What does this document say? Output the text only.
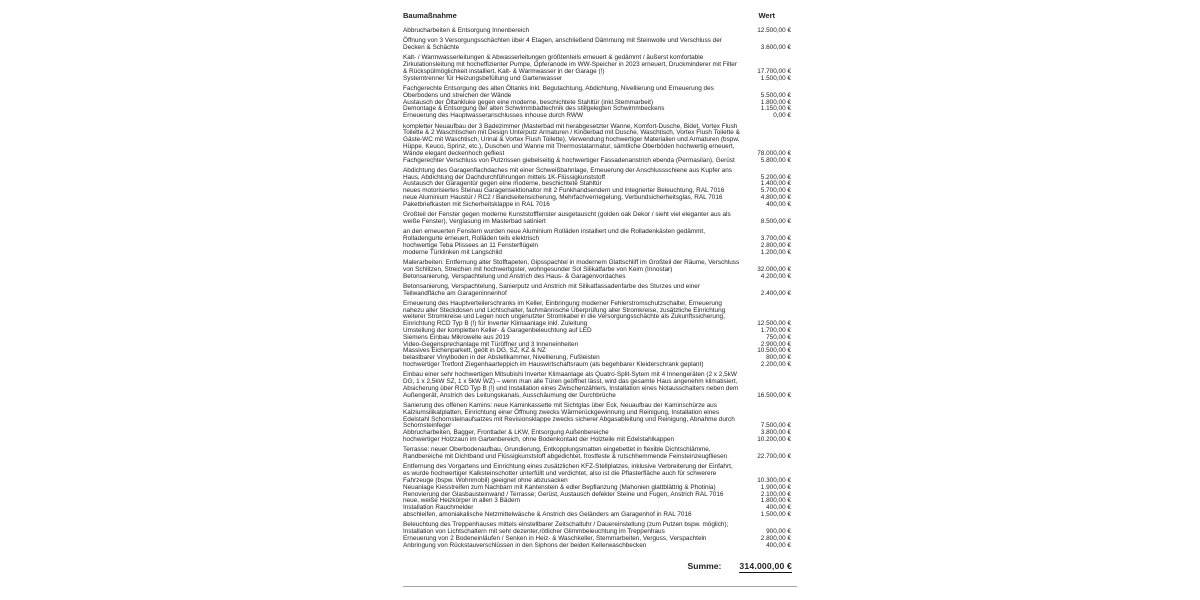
Baumaßnahme	Wert
Abbrucharbeiten & Entsorgung Innenbereich	12.500,00 €
Öffnung von 3 Versorgungsschächten über 4 Etagen, anschließend Dämmung mit Steinwolle und Verschluss der Decken & Schächte	3.600,00 €
Kalt- / Warmwasserleitungen & Abwasserleitungen größtenteils erneuert & gedämmt / äußerst komfortable Zirkulationsleitung mit hocheffizienter Pumpe, Opferanode im WW-Speicher in 2023 erneuert, Druckminderer mit Filter & Rückspülmöglichkeit installiert, Kalt- & Warmwasser in der Garage (!)	17.700,00 €
Systemtrenner für Heizungsbefüllung und Gartenwasser	1.500,00 €
Fachgerechte Entsorgung des alten Öltanks inkl. Begutachtung, Abdichtung, Nivellierung und Erneuerung des Oberbodens und streichen der Wände	5.500,00 €
Austausch der Öltankluke gegen eine moderne, beschichtete Stahltür (inkl.Stemmarbeit)	1.800,00 €
Demontage & Entsorgung der alten Schwimmbadtechnik des stillgelegten Schwimmbeckens	1.150,00 €
Erneuerung des Hauptwasseranschlusses inhouse durch RWW	0,00 €
kompletter Neuaufbau der 3 Badezimmer (Masterbad mit herabgesetzter Wanne, Komfort-Dusche, Bidet, Vortex Flush Toilette & 2 Waschtischen mit Design Unterputz Armaturen / Kinderbad mit Dusche, Waschtisch, Vortex Flush Toilette & Gäste-WC mit Waschtisch, Urinal & Vortex Flush Toilette), Verwendung hochwertiger Materialien und Armaturen (bspw. Hüppe, Keuco, Sprinz, etc.), Duschen und Wanne mit Thermostatarmatur, sämtliche Oberböden hochwertig erneuert, Wände elegant deckenhoch gefliest	78.000,00 €
Fachgerechter Verschluss von Putzrissen giebelseitig & hochwertiger Fassadenanstrich ebenda (Permasilan), Gerüst	5.800,00 €
Abdichtung des Garagenflachdaches mit einer Schweißbahnlage, Erneuerung der Anschlussschiene aus Kupfer ans Haus, Abdichtung der Dachdurchführungen mittels 1K-Flüssigkunststoff	5.200,00 €
Austausch der Garagentür gegen eine moderne, beschichtete Stahltür	1.400,00 €
neues motorisiertes Steinau Garagensektionaltor mit 2 Funkhandsendern und integrierter Beleuchtung, RAL 7016	5.700,00 €
neue Aluminium Haustür / RC2 / Bandseitensicherung, Mehrfachverriegelung, Verbundsicherheitsglas, RAL 7016	4.800,00 €
Paketbriefkasten mit Sicherheitsklappe in RAL 7016	400,00 €
Großteil der Fenster gegen moderne Kunststofffenster ausgetauscht (golden oak Dekor / sieht viel eleganter aus als weiße Fenster), Verglasung im Masterbad satiniert	8.500,00 €
an den erneuerten Fenstern wurden neue Aluminium Rolläden installiert und die Rolladenkästen gedämmt, Rolladengurte erneuert, Rolläden teils elektrisch	3.700,00 €
hochwertige Teba Plissees an 11 Fensterflügeln	2.800,00 €
moderne Türklinken mit Langschild	1.200,00 €
Malerarbeiten: Entfernung alter Stofftapeten, Gipsspachtel in modernem Glattschliff im Großteil der Räume, Verschluss von Schlitzen, Streichen mit hochwertigster, wohngesunder Sol Silikatfarbe von Keim (Innostar)	32.000,00 €
Betonsanierung, Verspachtelung und Anstrich des Haus- & Garagenvordaches	4.200,00 €
Betonsanierung, Verspachtelung, Sanierputz und Anstrich mit Silikatfassadenfarbe des Sturzes und einer Teilwandfläche am Garageninnenhof	2.400,00 €
Erneuerung des Hauptverteilerschranks im Keller, Einbringung moderner Fehlerstromschutzschalter, Erneuerung nahezu aller Steckdosen und Lichtschalter, fachmännische Überprüfung aller Stromkreise, zusätzliche Einrichtung weiterer Stromkreise und Legen noch ungenutzter Stromkabel in die Versorgungsschächte als Zukunftssicherung, Einrichtung RCD Typ B (!) für Inverter Klimaanlage inkl. Zuleitung	12.500,00 €
Umstellung der kompletten Keller- & Garagenbeleuchtung auf LED	1.700,00 €
Siemens Einbau Mikrowelle aus 2019	750,00 €
Video-Gegensprechanlage mit Türöffner und 3 Inneneinheiten	2.900,00 €
Massives Eichenparkett, geölt in DG, SZ, KZ & NZ	10.500,00 €
belastbarer Vinylboden in der Abstellkammer, Nivellierung, Fußleisten	800,00 €
hochwertiger Tretford Ziegenhaarteppich im Hauswirtschaftsraum (als begehbarer Kleiderschrank geplant)	2.200,00 €
Einbau einer sehr hochwertigen Mitsubishi Inverter Klimaanlage als Quatro-Split-Sytem mit 4 Innengeräten (2 x 2,5kW DG, 1 x 2,5kW SZ, 1 x 5kW WZ) – wenn man alle Türen geöffnet lässt, wird das gesamte Haus angenehm klimatisiert, Absicherung über RCD Typ B (!) und Installation eines Zwischenzählers, Installation eines Notausschalters neben dem Außengerät, Anstrich des Leitungskanals, Ausschäumung der Durchbrüche	16.500,00 €
Sanierung des offenen Kamins: neue Kaminkassette mit Sichtglas über Eck, Neuaufbau der Kaminschürze aus Kalziumsilikatplatten, Einrichtung einer Öffnung zwecks Wärmerückgewinnung und Reinigung, Installation eines Edelstahl Schornsteinaufsatzes mit Revisionsklappe zwecks sicherer Abgasableitung und Reinigung, Abnahme durch Schornsteinfeger	7.500,00 €
Abbrucharbeiten, Bagger, Frontlader & LKW, Entsorgung Außenbereiche	3.800,00 €
hochwertiger Holzzaun im Gartenbereich, ohne Bodenkontakt der Holzteile mit Edelstahlkappen	10.200,00 €
Terrasse: neuer Oberbodenaufbau, Grundierung, Entkopplungsmatten eingebettet in flexible Dichtschlämme, Randbereiche mit Dichtband und Flüssigkunststoff abgedichtet, frostfeste & rutschhemmende Feinsteinzeugfliesen	22.700,00 €
Entfernung des Vorgartens und Einrichtung eines zusätzlichen KFZ-Stellplatzes, inklusive Verbreiterung der Einfahrt, es wurde hochwertiger Kalksteinschotter unterfüllt und verdichtet, also ist die Pflasterfläche auch für schwerere Fahrzeuge (bspw. Wohnmobil) geeignet ohne abzusacken	10.300,00 €
Neuanlage Kiesstreifen zum Nachbarn mit Kantenstein & edler Bepflanzung (Mahonien glattblättrig & Photinia)	1.900,00 €
Renovierung der Glasbausteinwand / Terrasse; Gerüst, Austausch defekter Steine und Fugen, Anstrich RAL 7016	2.100,00 €
neue, weiße Heizkörper in allen 3 Bädern	1.800,00 €
Installation Rauchmelder	400,00 €
abschleifen, amoniakalische Netzmittelwäsche & Anstrich des Geländers am Garagenhof in RAL 7016	1.500,00 €
Beleuchtung des Treppenhauses mittels einstellbarer Zeitschaltuhr / Dauereinstellung (zum Putzen bspw. möglich); Installation von Lichtschaltern mit sehr dezenter,rötlicher Glimmbeleuchtung im Treppenhaus	900,00 €
Erneuerung von 2 Bodeneinläufen / Senken in Heiz- & Waschkeller, Stemmarbeiten, Verguss, Verspachteln	2.800,00 €
Anbringung von Rückstauverschlüssen in den Siphons der beiden Kellerwaschbecken	400,00 €
Summe: 314.000,00 €
